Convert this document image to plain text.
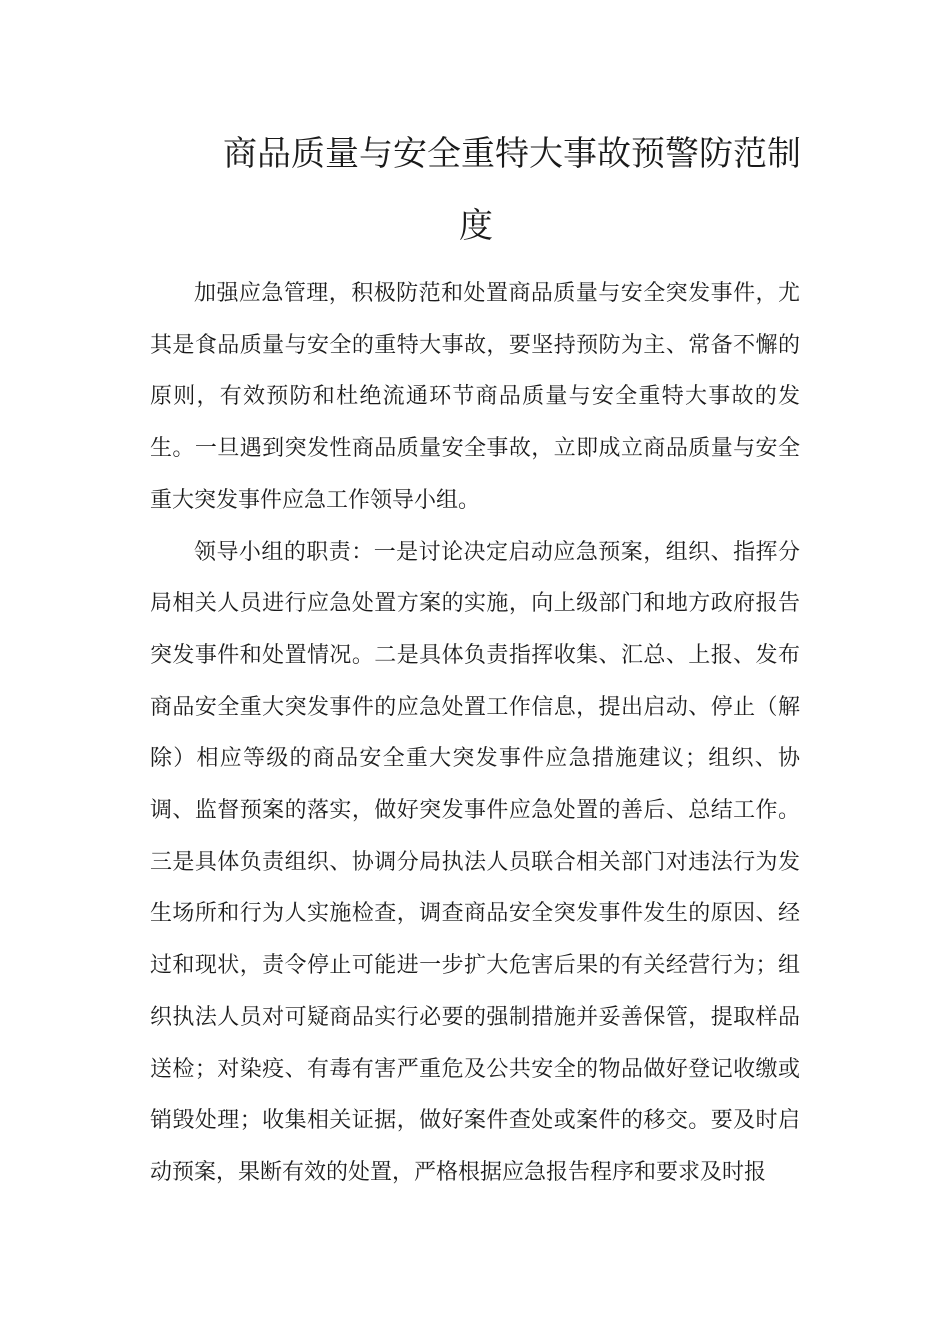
商品质量与安全重特大事故预警防范制
度

加强应急管理，积极防范和处置商品质量与安全突发事件，尤其是食品质量与安全的重特大事故，要坚持预防为主、常备不懈的原则，有效预防和杜绝流通环节商品质量与安全重特大事故的发生。一旦遇到突发性商品质量安全事故，立即成立商品质量与安全重大突发事件应急工作领导小组。

领导小组的职责：一是讨论决定启动应急预案，组织、指挥分局相关人员进行应急处置方案的实施，向上级部门和地方政府报告突发事件和处置情况。二是具体负责指挥收集、汇总、上报、发布商品安全重大突发事件的应急处置工作信息，提出启动、停止（解除）相应等级的商品安全重大突发事件应急措施建议；组织、协调、监督预案的落实，做好突发事件应急处置的善后、总结工作。三是具体负责组织、协调分局执法人员联合相关部门对违法行为发生场所和行为人实施检查，调查商品安全突发事件发生的原因、经过和现状，责令停止可能进一步扩大危害后果的有关经营行为；组织执法人员对可疑商品实行必要的强制措施并妥善保管，提取样品送检；对染疫、有毒有害严重危及公共安全的物品做好登记收缴或销毁处理；收集相关证据，做好案件查处或案件的移交。要及时启动预案，果断有效的处置，严格根据应急报告程序和要求及时报
